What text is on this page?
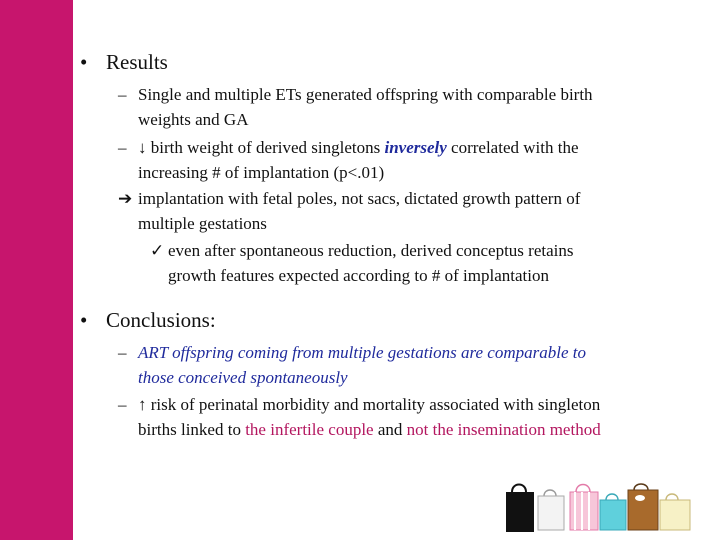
• Results
– Single and multiple ETs generated offspring with comparable birth
weights and GA
– ↓ birth weight of derived singletons inversely correlated with the
increasing # of implantation (p<.01)
➔ implantation with fetal poles, not sacs, dictated growth pattern of
multiple gestations
✓ even after spontaneous reduction, derived conceptus retains
growth features expected according to # of implantation
• Conclusions:
– ART offspring coming from multiple gestations are comparable to
those conceived spontaneously
– ↑ risk of perinatal morbidity and mortality associated with singleton
births linked to the infertile couple and not the insemination method
